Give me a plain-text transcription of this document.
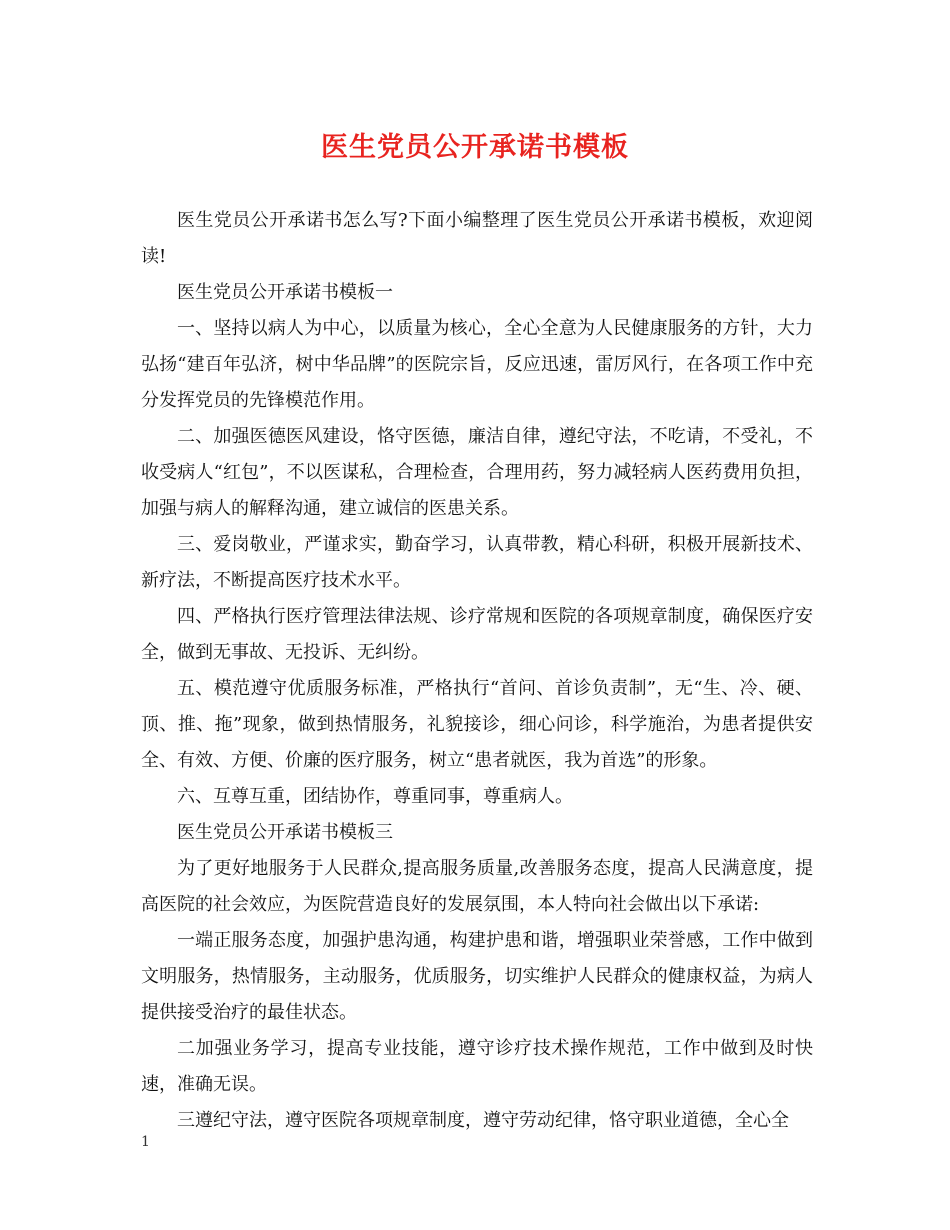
医生党员公开承诺书模板

医生党员公开承诺书怎么写?下面小编整理了医生党员公开承诺书模板，欢迎阅读!

医生党员公开承诺书模板一

一、坚持以病人为中心，以质量为核心，全心全意为人民健康服务的方针，大力弘扬“建百年弘济，树中华品牌”的医院宗旨，反应迅速，雷厉风行，在各项工作中充分发挥党员的先锋模范作用。

二、加强医德医风建设，恪守医德，廉洁自律，遵纪守法，不吃请，不受礼，不收受病人“红包”，不以医谋私，合理检查，合理用药，努力减轻病人医药费用负担，加强与病人的解释沟通，建立诚信的医患关系。

三、爱岗敬业，严谨求实，勤奋学习，认真带教，精心科研，积极开展新技术、新疗法，不断提高医疗技术水平。

四、严格执行医疗管理法律法规、诊疗常规和医院的各项规章制度，确保医疗安全，做到无事故、无投诉、无纠纷。

五、模范遵守优质服务标准，严格执行“首问、首诊负责制”，无“生、冷、硬、顶、推、拖”现象，做到热情服务，礼貌接诊，细心问诊，科学施治，为患者提供安全、有效、方便、价廉的医疗服务，树立“患者就医，我为首选”的形象。

六、互尊互重，团结协作，尊重同事，尊重病人。

医生党员公开承诺书模板三

为了更好地服务于人民群众,提高服务质量,改善服务态度，提高人民满意度，提高医院的社会效应，为医院营造良好的发展氛围，本人特向社会做出以下承诺:

一端正服务态度，加强护患沟通，构建护患和谐，增强职业荣誉感，工作中做到文明服务，热情服务，主动服务，优质服务，切实维护人民群众的健康权益，为病人提供接受治疗的最佳状态。

二加强业务学习，提高专业技能，遵守诊疗技术操作规范，工作中做到及时快速，准确无误。

三遵纪守法，遵守医院各项规章制度，遵守劳动纪律，恪守职业道德，全心全

1
